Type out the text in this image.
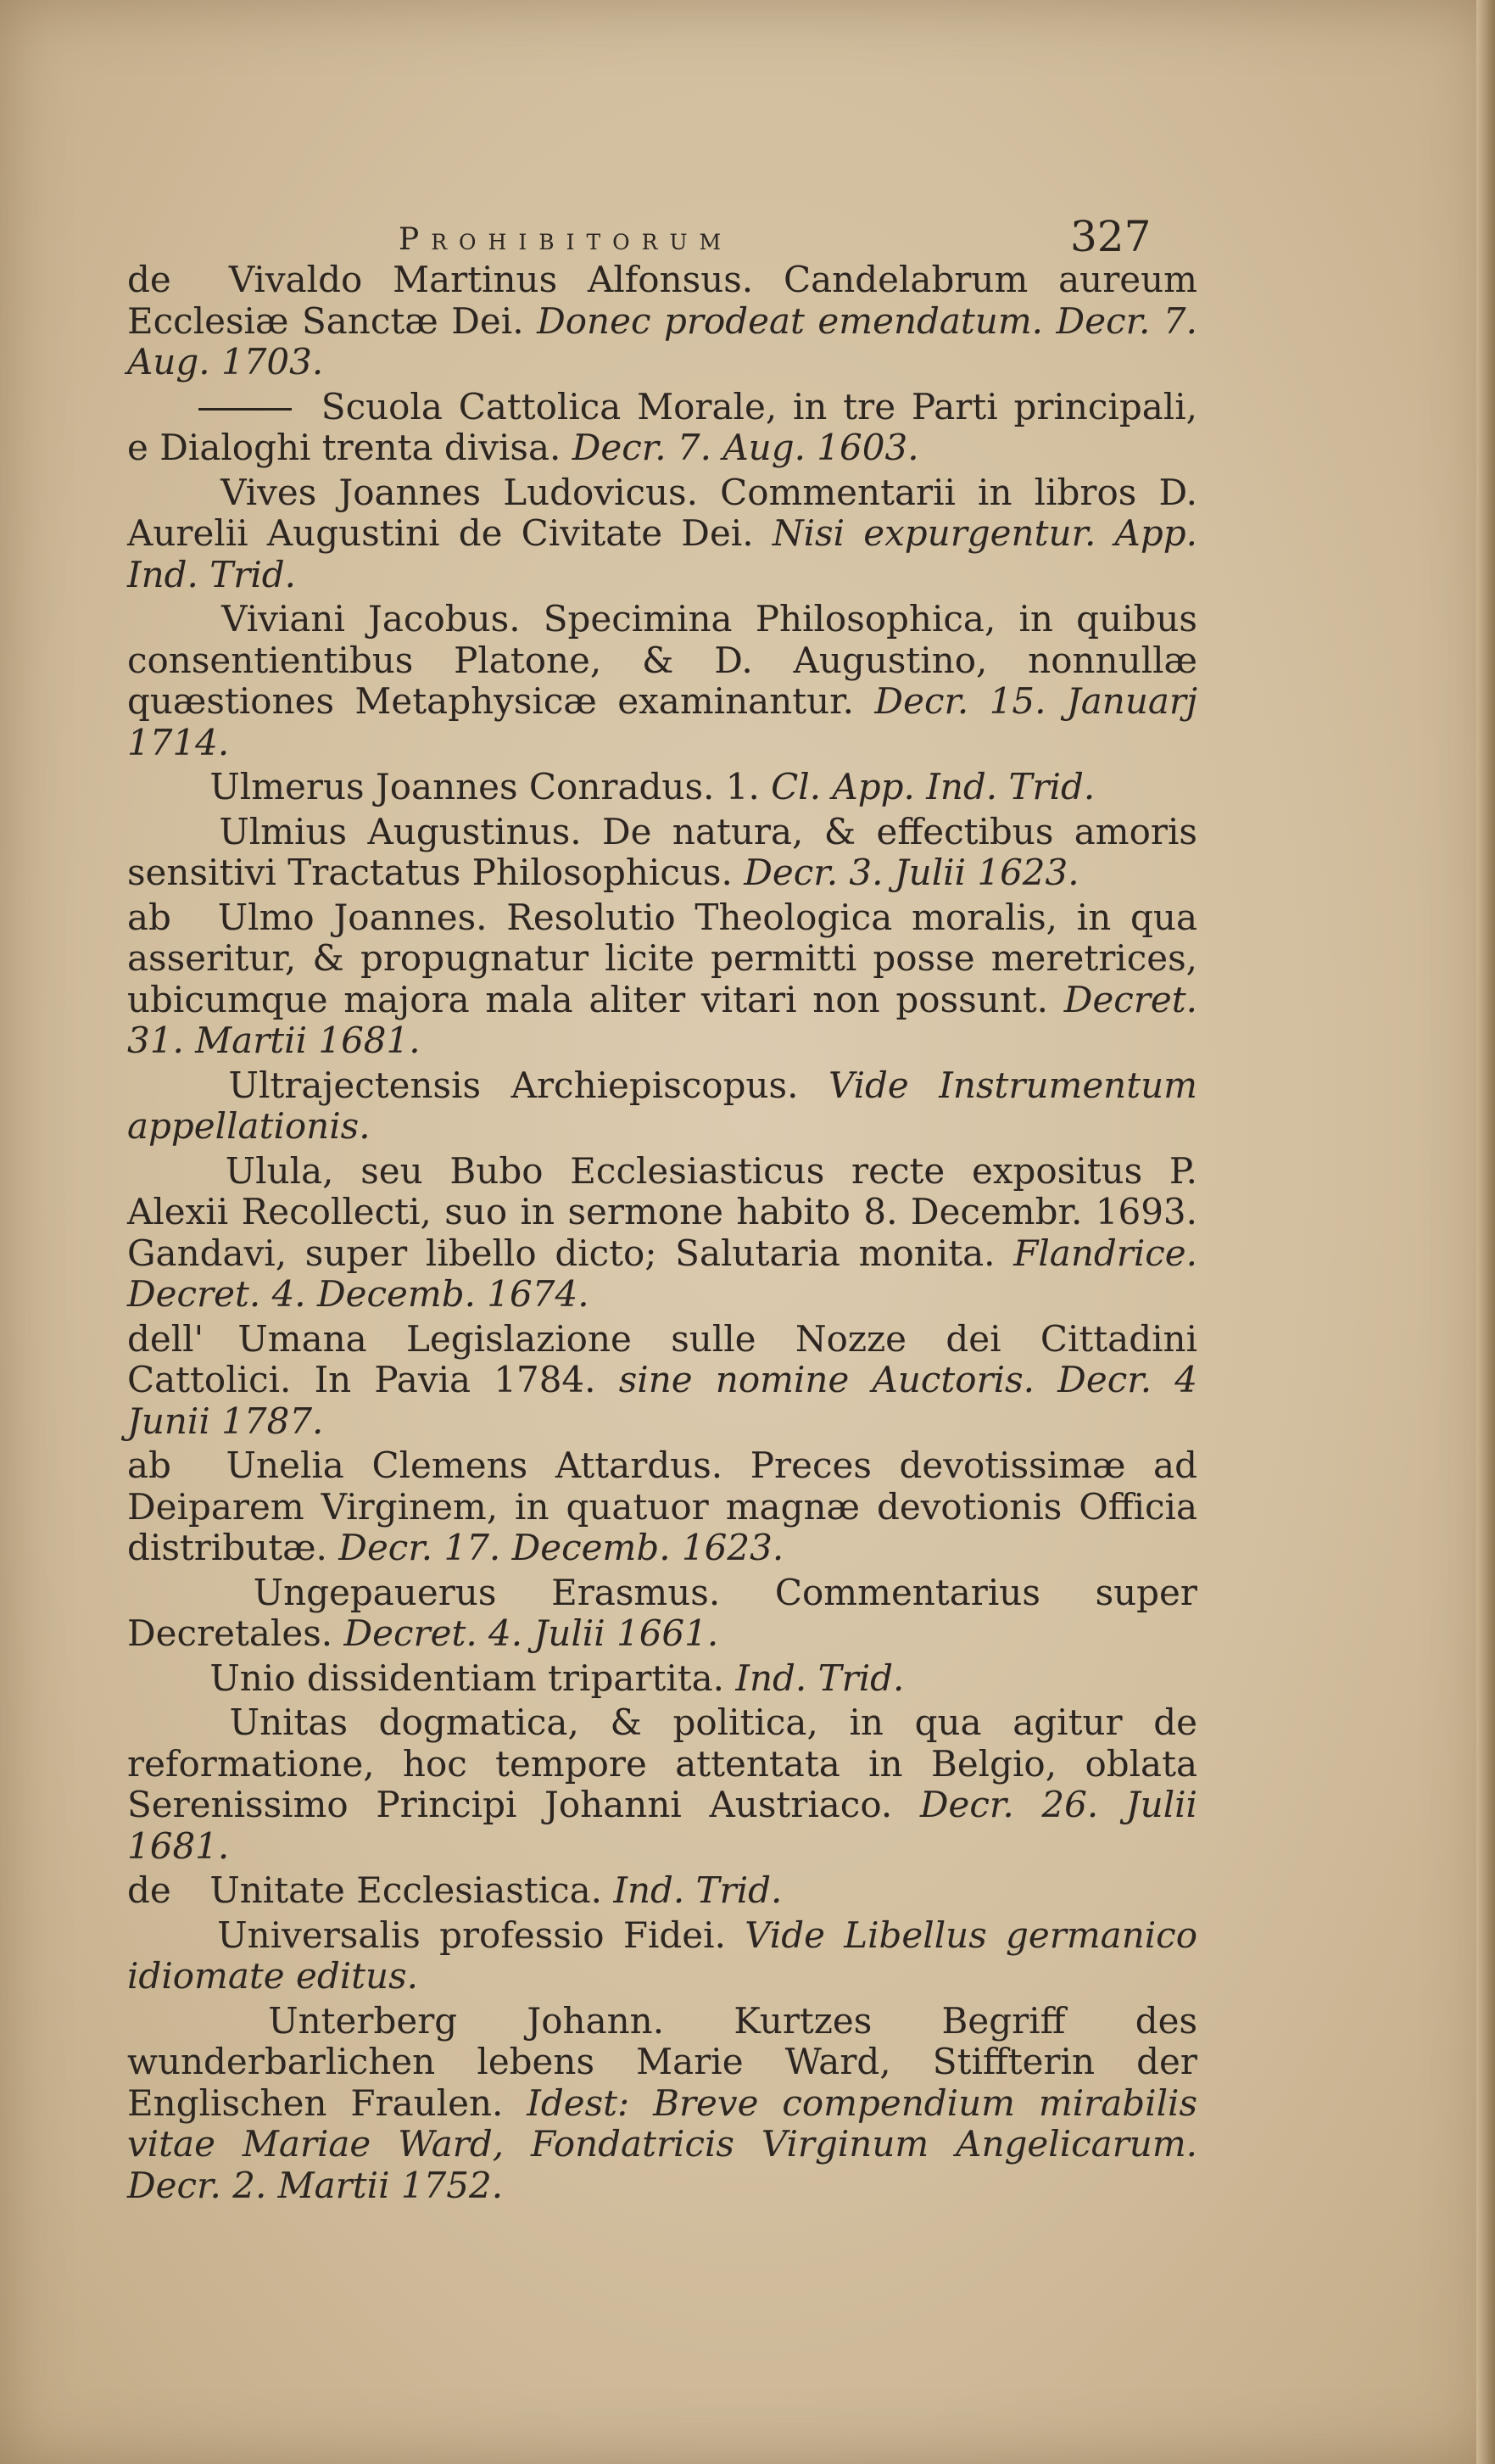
Prohibitorum	327
de Vivaldo Martinus Alfonsus. Candelabrum aureum Ecclesiæ Sanctæ Dei. Donec prodeat emendatum. Decr. 7. Aug. 1703.
Scuola Cattolica Morale, in tre Parti principali, e Dialoghi trenta divisa. Decr. 7. Aug. 1603.
Vives Joannes Ludovicus. Commentarii in libros D. Aurelii Augustini de Civitate Dei. Nisi expurgentur. App. Ind. Trid.
Viviani Jacobus. Specimina Philosophica, in quibus consentientibus Platone, & D. Augustino, nonnullæ quæstiones Metaphysicæ examinantur. Decr. 15. Januarj 1714.
Ulmerus Joannes Conradus. 1. Cl. App. Ind. Trid.
Ulmius Augustinus. De natura, & effectibus amoris sensitivi Tractatus Philosophicus. Decr. 3. Julii 1623.
ab Ulmo Joannes. Resolutio Theologica moralis, in qua asseritur, & propugnatur licite permitti posse meretrices, ubicumque majora mala aliter vitari non possunt. Decret. 31. Martii 1681.
Ultrajectensis Archiepiscopus. Vide Instrumentum appellationis.
Ulula, seu Bubo Ecclesiasticus recte expositus P. Alexii Recollecti, suo in sermone habito 8. Decembr. 1693. Gandavi, super libello dicto; Salutaria monita. Flandrice. Decret. 4. Decemb. 1674.
dell' Umana Legislazione sulle Nozze dei Cittadini Cattolici. In Pavia 1784. sine nomine Auctoris. Decr. 4 Junii 1787.
ab Unelia Clemens Attardus. Preces devotissimæ ad Deiparem Virginem, in quatuor magnæ devotionis Officia distributæ. Decr. 17. Decemb. 1623.
Ungepauerus Erasmus. Commentarius super Decretales. Decret. 4. Julii 1661.
Unio dissidentiam tripartita. Ind. Trid.
Unitas dogmatica, & politica, in qua agitur de reformatione, hoc tempore attentata in Belgio, oblata Serenissimo Principi Johanni Austriaco. Decr. 26. Julii 1681.
de Unitate Ecclesiastica. Ind. Trid.
Universalis professio Fidei. Vide Libellus germanico idiomate editus.
Unterberg Johann. Kurtzes Begriff des wunderbarlichen lebens Marie Ward, Stiffterin der Englischen Fraulen. Idest: Breve compendium mirabilis vitae Mariae Ward, Fondatricis Virginum Angelicarum. Decr. 2. Martii 1752.
